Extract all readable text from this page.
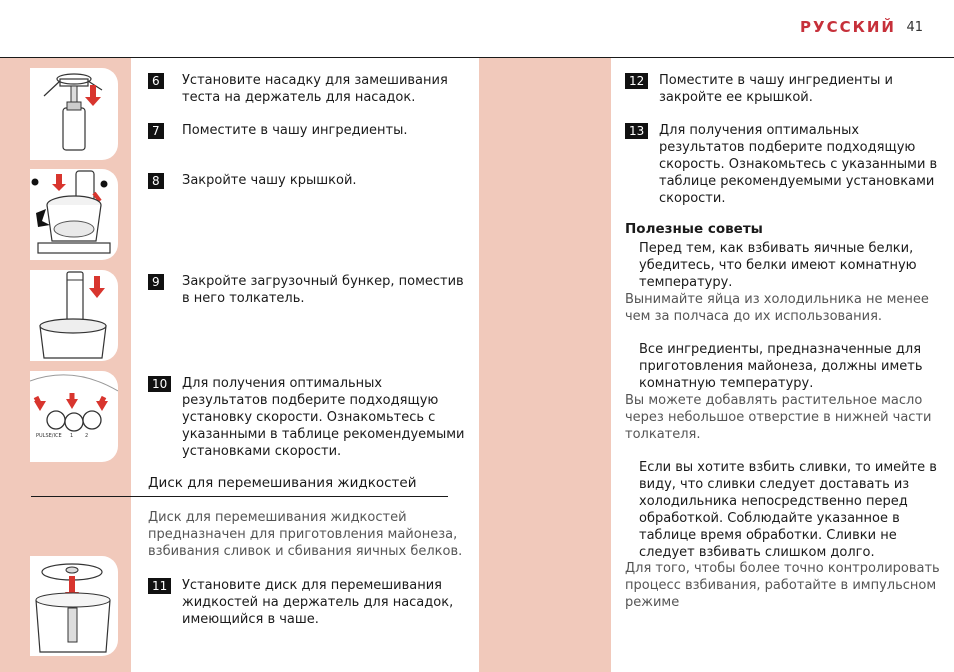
РУССКИЙ 41
PULSE/ICE 1 2
6	Установите насадку для замешивания
теста на держатель для насадок.
7	Поместите в чашу ингредиенты.
8	Закройте чашу крышкой.
9	Закройте загрузочный бункер, поместив
в него толкатель.
10	Для получения оптимальных
результатов подберите подходящую
установку скорости. Ознакомьтесь с
указанными в таблице рекомендуемыми
установками скорости.
Диск для перемешивания жидкостей
Диск для перемешивания жидкостей
предназначен для приготовления майонеза,
взбивания сливок и сбивания яичных белков.
11	Установите диск для перемешивания
жидкостей на держатель для насадок,
имеющийся в чаше.
12	Поместите в чашу ингредиенты и
закройте ее крышкой.
13	Для получения оптимальных
результатов подберите подходящую
скорость. Ознакомьтесь с указанными в
таблице рекомендуемыми установками
скорости.
Полезные советы
Перед тем, как взбивать яичные белки,
убедитесь, что белки имеют комнатную
температуру.
Вынимайте яйца из холодильника не менее
чем за полчаса до их использования.
Все ингредиенты, предназначенные для
приготовления майонеза, должны иметь
комнатную температуру.
Вы можете добавлять растительное масло
через небольшое отверстие в нижней части
толкателя.
Если вы хотите взбить сливки, то имейте в
виду, что сливки следует доставать из
холодильника непосредственно перед
обработкой. Соблюдайте указанное в
таблице время обработки. Сливки не
следует взбивать слишком долго.
Для того, чтобы более точно контролировать
процесс взбивания, работайте в импульсном
режиме
